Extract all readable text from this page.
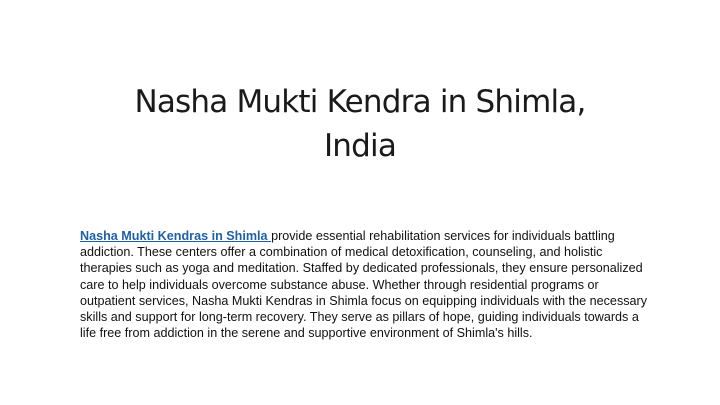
Nasha Mukti Kendra in Shimla,
India

Nasha Mukti Kendras in Shimla provide essential rehabilitation services for individuals battling addiction. These centers offer a combination of medical detoxification, counseling, and holistic therapies such as yoga and meditation. Staffed by dedicated professionals, they ensure personalized care to help individuals overcome substance abuse. Whether through residential programs or outpatient services, Nasha Mukti Kendras in Shimla focus on equipping individuals with the necessary skills and support for long-term recovery. They serve as pillars of hope, guiding individuals towards a life free from addiction in the serene and supportive environment of Shimla's hills.
